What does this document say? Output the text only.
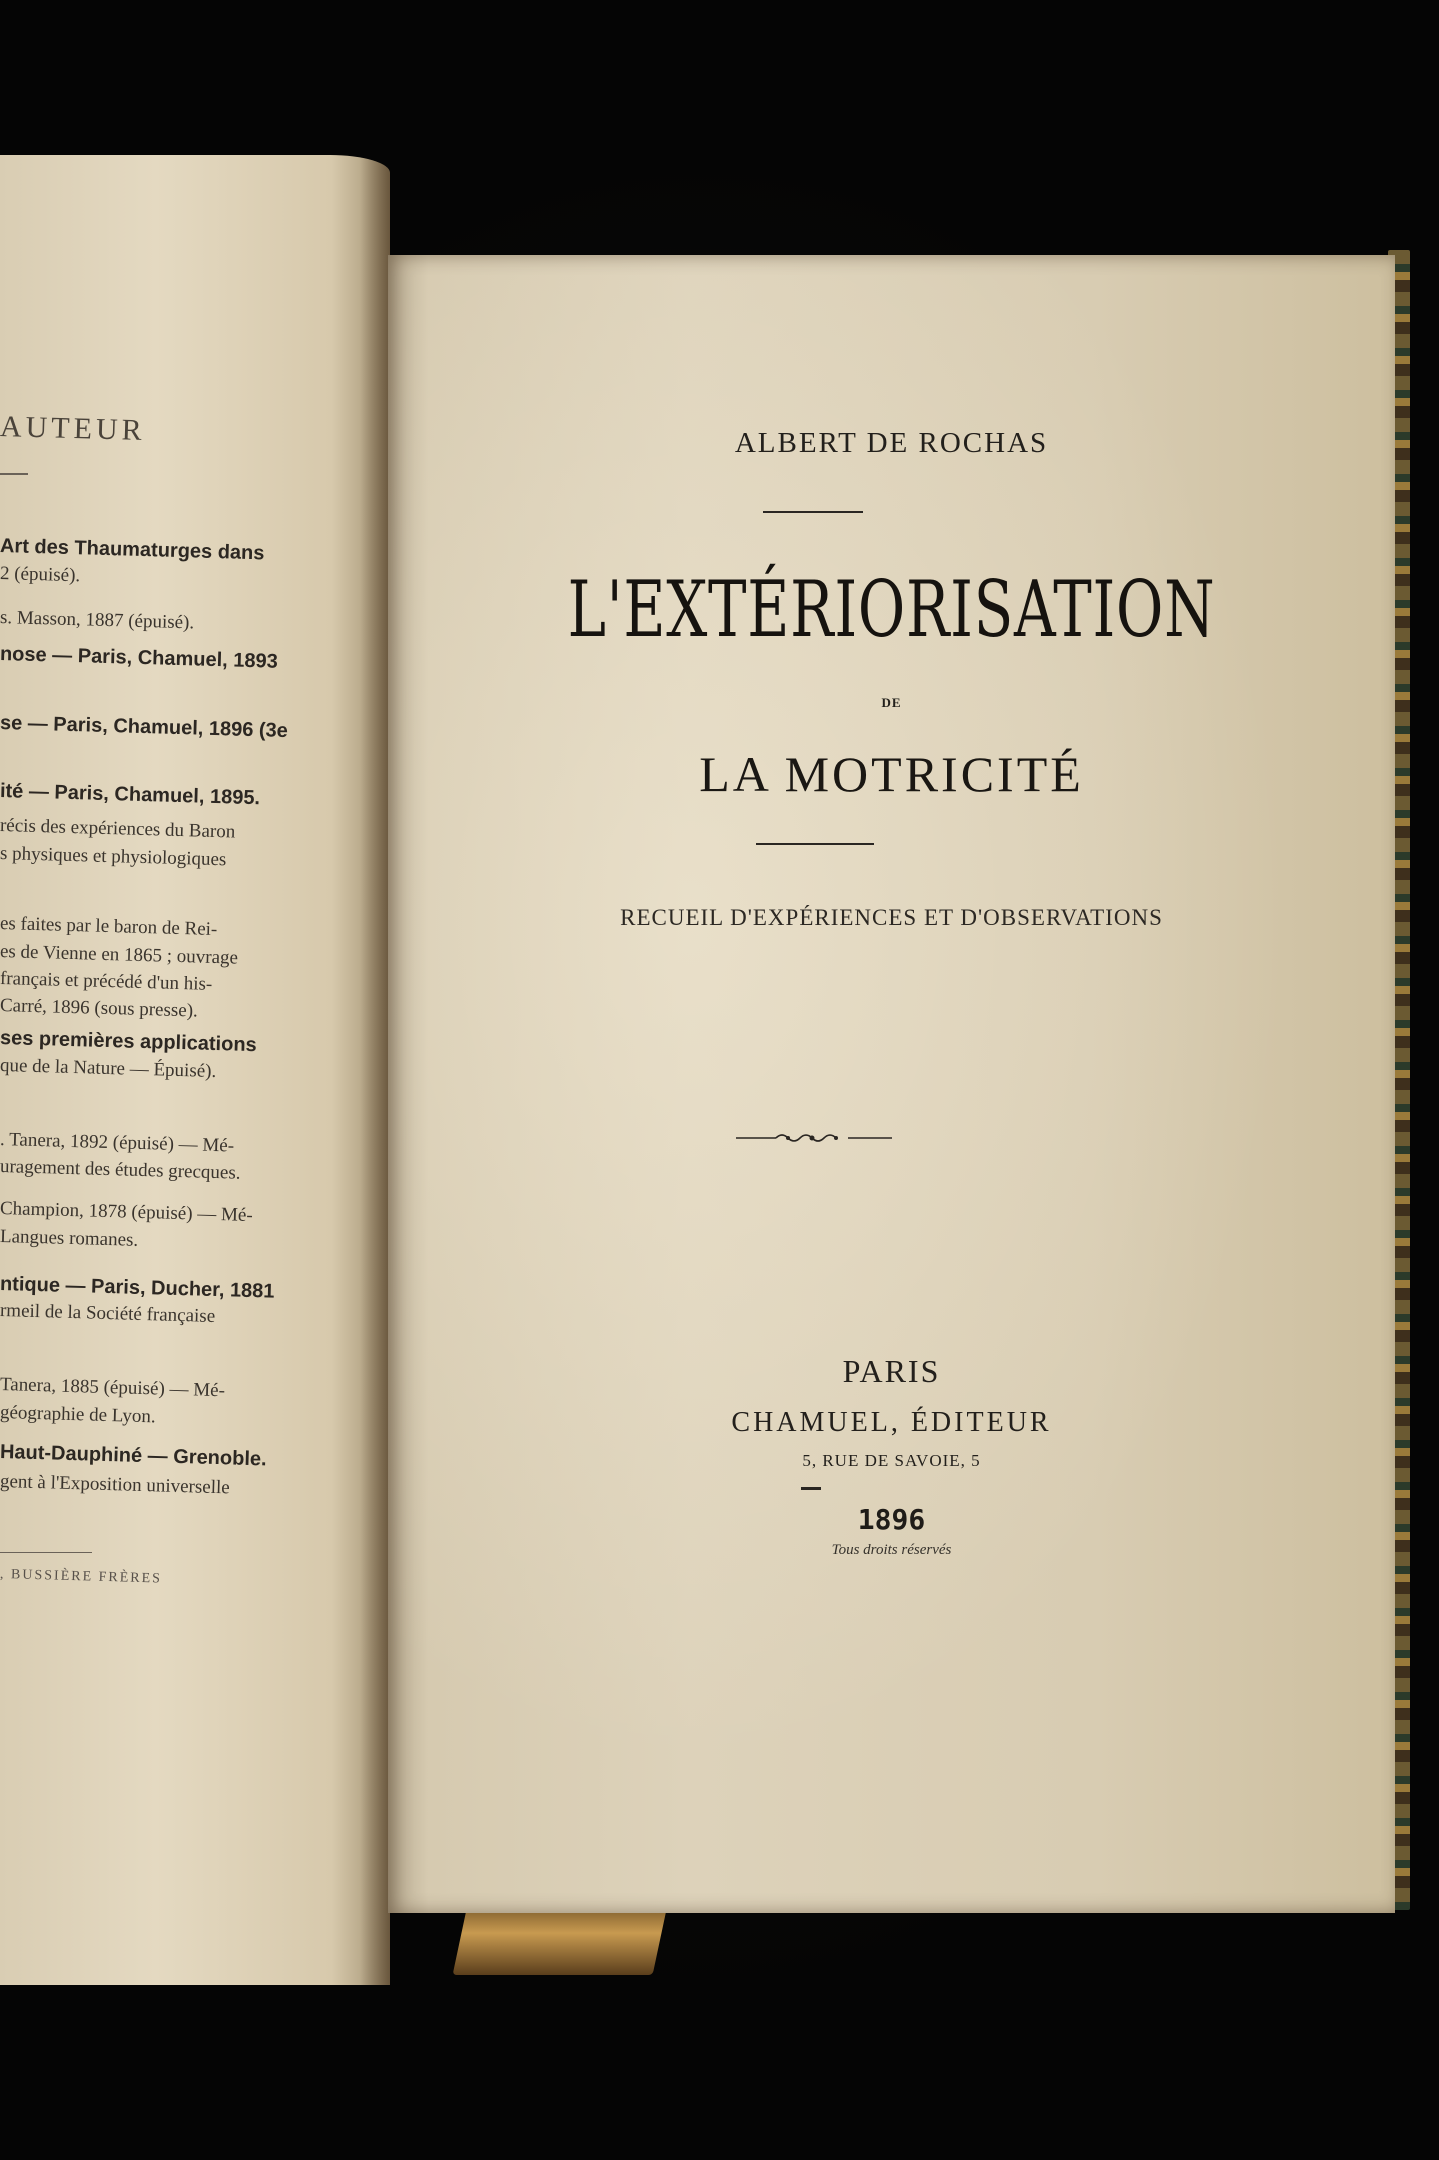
AUTEUR
Art des Thaumaturges dans
2 (épuisé).
s. Masson, 1887 (épuisé).
nose — Paris, Chamuel, 1893
se — Paris, Chamuel, 1896 (3e
ité — Paris, Chamuel, 1895.
récis des expériences du Baron
s physiques et physiologiques
es faites par le baron de Rei-
es de Vienne en 1865 ; ouvrage
français et précédé d'un his-
Carré, 1896 (sous presse).
ses premières applications
que de la Nature — Épuisé).
. Tanera, 1892 (épuisé) — Mé-
uragement des études grecques.
Champion, 1878 (épuisé) — Mé-
Langues romanes.
ntique — Paris, Ducher, 1881
rmeil de la Société française
Tanera, 1885 (épuisé) — Mé-
géographie de Lyon.
Haut-Dauphiné — Grenoble.
gent à l'Exposition universelle
, BUSSIÈRE FRÈRES
ALBERT DE ROCHAS
L'EXTÉRIORISATION
DE
LA MOTRICITÉ
RECUEIL D'EXPÉRIENCES ET D'OBSERVATIONS
PARIS
CHAMUEL, ÉDITEUR
5, RUE DE SAVOIE, 5
1896
Tous droits réservés
